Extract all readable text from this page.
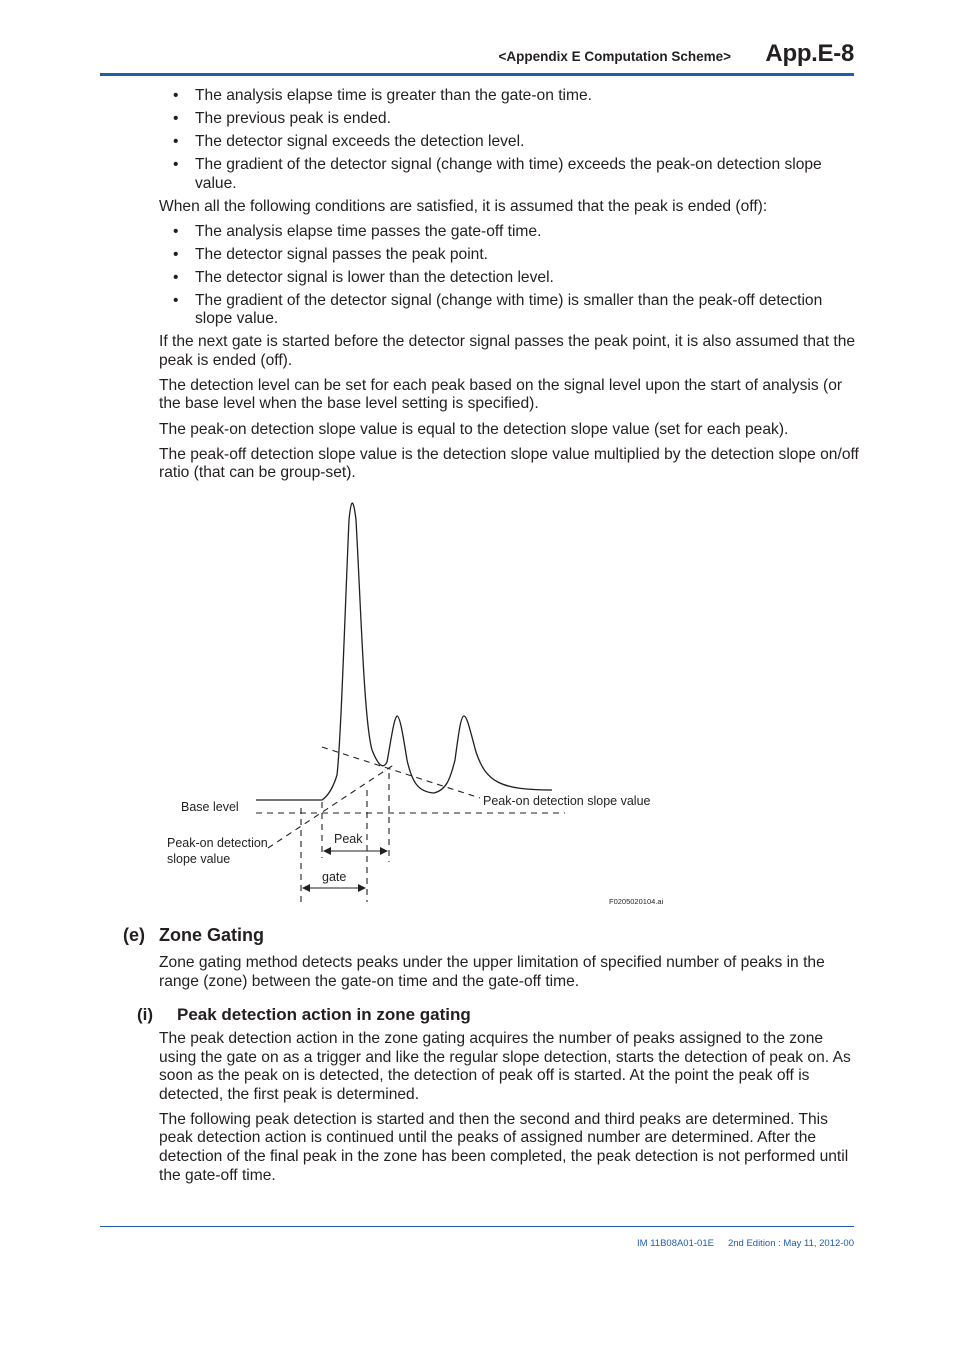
<Appendix E Computation Scheme> App.E-8
• The analysis elapse time is greater than the gate-on time.
• The previous peak is ended.
• The detector signal exceeds the detection level.
• The gradient of the detector signal (change with time) exceeds the peak-on detection slope value.

When all the following conditions are satisfied, it is assumed that the peak is ended (off):

• The analysis elapse time passes the gate-off time.
• The detector signal passes the peak point.
• The detector signal is lower than the detection level.
• The gradient of the detector signal (change with time) is smaller than the peak-off detection slope value.

If the next gate is started before the detector signal passes the peak point, it is also assumed that the peak is ended (off).

The detection level can be set for each peak based on the signal level upon the start of analysis (or the base level when the base level setting is specified).

The peak-on detection slope value is equal to the detection slope value (set for each peak).

The peak-off detection slope value is the detection slope value multiplied by the detection slope on/off ratio (that can be group-set).

Base level	Peak-on detection slope value
Peak-on detection
slope value
Peak
gate
F0205020104.ai
(e) Zone Gating
Zone gating method detects peaks under the upper limitation of specified number of peaks in the range (zone) between the gate-on time and the gate-off time.
(i) Peak detection action in zone gating

The peak detection action in the zone gating acquires the number of peaks assigned to the zone using the gate on as a trigger and like the regular slope detection, starts the detection of peak on. As soon as the peak on is detected, the detection of peak off is started. At the point the peak off is detected, the first peak is determined.

The following peak detection is started and then the second and third peaks are determined. This peak detection action is continued until the peaks of assigned number are determined. After the detection of the final peak in the zone has been completed, the peak detection is not performed until the gate-off time.

IM 11B08A01-01E 2nd Edition : May 11, 2012-00
